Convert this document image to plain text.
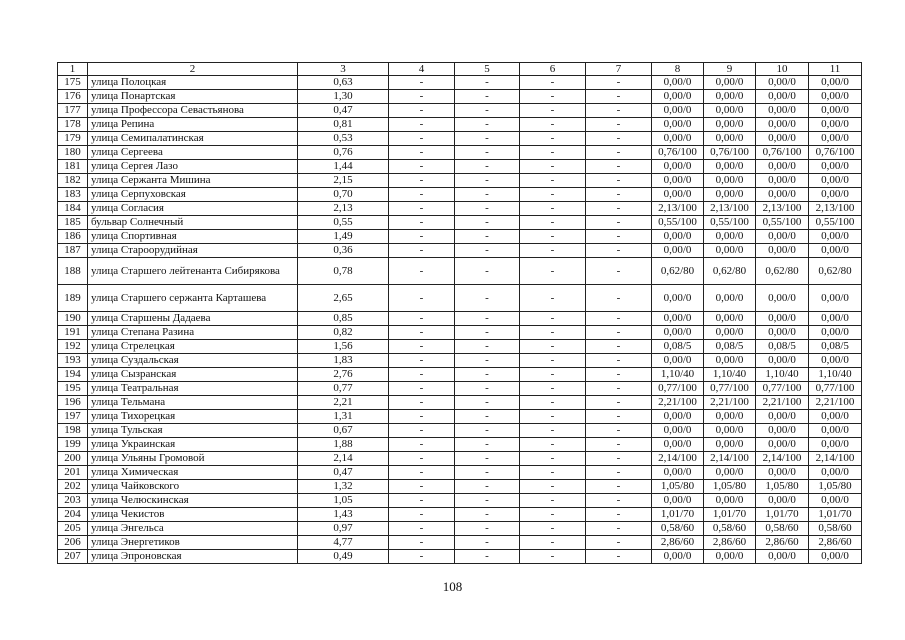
1	2	3	4	5	6	7	8	9	10	11
175	улица Полоцкая	0,63	-	-	-	-	0,00/0	0,00/0	0,00/0	0,00/0
176	улица Понартская	1,30	-	-	-	-	0,00/0	0,00/0	0,00/0	0,00/0
177	улица Профессора Севастьянова	0,47	-	-	-	-	0,00/0	0,00/0	0,00/0	0,00/0
178	улица Репина	0,81	-	-	-	-	0,00/0	0,00/0	0,00/0	0,00/0
179	улица Семипалатинская	0,53	-	-	-	-	0,00/0	0,00/0	0,00/0	0,00/0
180	улица Сергеева	0,76	-	-	-	-	0,76/100	0,76/100	0,76/100	0,76/100
181	улица Сергея Лазо	1,44	-	-	-	-	0,00/0	0,00/0	0,00/0	0,00/0
182	улица Сержанта Мишина	2,15	-	-	-	-	0,00/0	0,00/0	0,00/0	0,00/0
183	улица Серпуховская	0,70	-	-	-	-	0,00/0	0,00/0	0,00/0	0,00/0
184	улица Согласия	2,13	-	-	-	-	2,13/100	2,13/100	2,13/100	2,13/100
185	бульвар Солнечный	0,55	-	-	-	-	0,55/100	0,55/100	0,55/100	0,55/100
186	улица Спортивная	1,49	-	-	-	-	0,00/0	0,00/0	0,00/0	0,00/0
187	улица Староорудийная	0,36	-	-	-	-	0,00/0	0,00/0	0,00/0	0,00/0
188	улица Старшего лейтенанта Сибирякова	0,78	-	-	-	-	0,62/80	0,62/80	0,62/80	0,62/80
189	улица Старшего сержанта Карташева	2,65	-	-	-	-	0,00/0	0,00/0	0,00/0	0,00/0
190	улица Старшены Дадаева	0,85	-	-	-	-	0,00/0	0,00/0	0,00/0	0,00/0
191	улица Степана Разина	0,82	-	-	-	-	0,00/0	0,00/0	0,00/0	0,00/0
192	улица Стрелецкая	1,56	-	-	-	-	0,08/5	0,08/5	0,08/5	0,08/5
193	улица Суздальская	1,83	-	-	-	-	0,00/0	0,00/0	0,00/0	0,00/0
194	улица Сызранская	2,76	-	-	-	-	1,10/40	1,10/40	1,10/40	1,10/40
195	улица Театральная	0,77	-	-	-	-	0,77/100	0,77/100	0,77/100	0,77/100
196	улица Тельмана	2,21	-	-	-	-	2,21/100	2,21/100	2,21/100	2,21/100
197	улица Тихорецкая	1,31	-	-	-	-	0,00/0	0,00/0	0,00/0	0,00/0
198	улица Тульская	0,67	-	-	-	-	0,00/0	0,00/0	0,00/0	0,00/0
199	улица Украинская	1,88	-	-	-	-	0,00/0	0,00/0	0,00/0	0,00/0
200	улица Ульяны Громовой	2,14	-	-	-	-	2,14/100	2,14/100	2,14/100	2,14/100
201	улица Химическая	0,47	-	-	-	-	0,00/0	0,00/0	0,00/0	0,00/0
202	улица Чайковского	1,32	-	-	-	-	1,05/80	1,05/80	1,05/80	1,05/80
203	улица Челюскинская	1,05	-	-	-	-	0,00/0	0,00/0	0,00/0	0,00/0
204	улица Чекистов	1,43	-	-	-	-	1,01/70	1,01/70	1,01/70	1,01/70
205	улица Энгельса	0,97	-	-	-	-	0,58/60	0,58/60	0,58/60	0,58/60
206	улица Энергетиков	4,77	-	-	-	-	2,86/60	2,86/60	2,86/60	2,86/60
207	улица Эпроновская	0,49	-	-	-	-	0,00/0	0,00/0	0,00/0	0,00/0
108
